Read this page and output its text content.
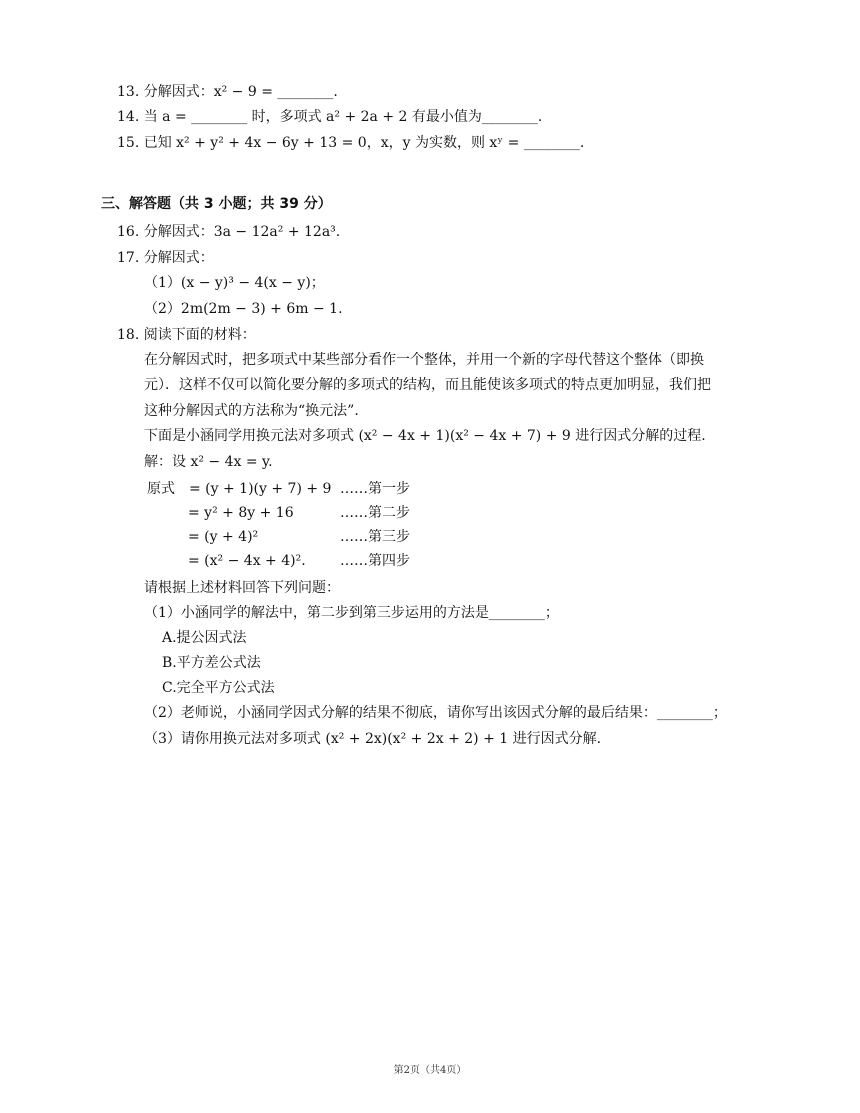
13. 分解因式：x² − 9 = ________.
14. 当 a = ________ 时，多项式 a² + 2a + 2 有最小值为________.
15. 已知 x² + y² + 4x − 6y + 13 = 0，x，y 为实数，则 xʸ = ________.
三、解答题（共 3 小题；共 39 分）
16. 分解因式：3a − 12a² + 12a³.
17. 分解因式：
（1）(x − y)³ − 4(x − y)；
（2）2m(2m − 3) + 6m − 1.
18. 阅读下面的材料：
在分解因式时，把多项式中某些部分看作一个整体，并用一个新的字母代替这个整体（即换
元）．这样不仅可以简化要分解的多项式的结构，而且能使该多项式的特点更加明显，我们把
这种分解因式的方法称为“换元法”.
下面是小涵同学用换元法对多项式 (x² − 4x + 1)(x² − 4x + 7) + 9 进行因式分解的过程.
解：设 x² − 4x = y.
原式　= (y + 1)(y + 7) + 9 ……第一步
= y² + 8y + 16	……第二步
= (y + 4)²	……第三步
= (x² − 4x + 4)². ……第四步
请根据上述材料回答下列问题：
（1）小涵同学的解法中，第二步到第三步运用的方法是________；
A.提公因式法
B.平方差公式法
C.完全平方公式法
（2）老师说，小涵同学因式分解的结果不彻底，请你写出该因式分解的最后结果：________；
（3）请你用换元法对多项式 (x² + 2x)(x² + 2x + 2) + 1 进行因式分解.
第2页（共4页）
